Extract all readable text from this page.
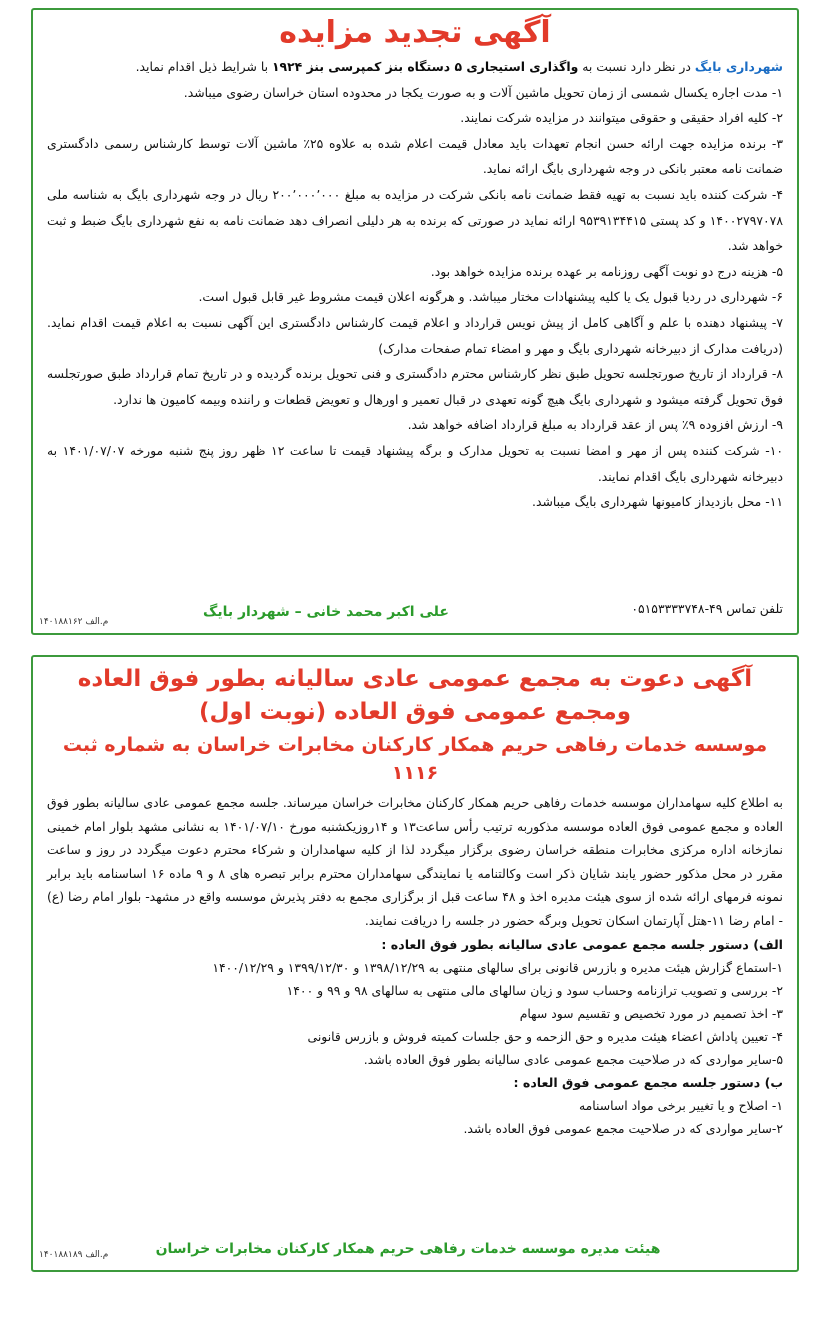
آگهی تجدید مزایده
شهرداری بایگ در نظر دارد نسبت به واگذاری استیجاری ۵ دستگاه بنز کمپرسی بنز ۱۹۲۴ با شرایط ذیل اقدام نماید.
۱- مدت اجاره یکسال شمسی از زمان تحویل ماشین آلات و به صورت یکجا در محدوده استان خراسان رضوی میباشد.
۲- کلیه افراد حقیقی و حقوقی میتوانند در مزایده شرکت نمایند.
۳- برنده مزایده جهت ارائه حسن انجام تعهدات باید معادل قیمت اعلام شده به علاوه ۲۵٪ ماشین آلات توسط کارشناس رسمی دادگستری ضمانت نامه معتبر بانکی در وجه شهرداری بایگ ارائه نماید.
۴- شرکت کننده باید نسبت به تهیه فقط ضمانت نامه بانکی شرکت در مزایده به مبلغ ۲۰۰٬۰۰۰٬۰۰۰ ریال در وجه شهرداری بایگ به شناسه ملی ۱۴۰۰۲۷۹۷۰۷۸ و کد پستی ۹۵۳۹۱۳۴۴۱۵ ارائه نماید در صورتی که برنده به هر دلیلی انصراف دهد ضمانت نامه به نفع شهرداری بایگ ضبط و ثبت خواهد شد.
۵- هزینه درج دو نوبت آگهی روزنامه بر عهده برنده مزایده خواهد بود.
۶- شهرداری در ردیا قبول یک یا کلیه پیشنهادات مختار میباشد. و هرگونه اعلان قیمت مشروط غیر قابل قبول است.
۷- پیشنهاد دهنده با علم و آگاهی کامل از پیش نویس قرارداد و اعلام قیمت کارشناس دادگستری این آگهی نسبت به اعلام قیمت اقدام نماید. (دریافت مدارک از دبیرخانه شهرداری بایگ و مهر و امضاء تمام صفحات مدارک)
۸- قرارداد از تاریخ صورتجلسه تحویل طبق نظر کارشناس محترم دادگستری و فنی تحویل برنده گردیده و در تاریخ تمام قرارداد طبق صورتجلسه فوق تحویل گرفته میشود و شهرداری بایگ هیچ گونه تعهدی در قبال تعمیر و اورهال و تعویض قطعات و راننده وبیمه کامیون ها ندارد.
۹- ارزش افزوده ۹٪ پس از عقد قرارداد به مبلغ قرارداد اضافه خواهد شد.
۱۰- شرکت کننده پس از مهر و امضا نسبت به تحویل مدارک و برگه پیشنهاد قیمت تا ساعت ۱۲ ظهر روز پنج شنبه مورخه ۱۴۰۱/۰۷/۰۷ به دبیرخانه شهرداری بایگ اقدام نمایند.
۱۱- محل بازدیداز کامیونها شهرداری بایگ میباشد.
تلفن تماس ۴۹-۰۵۱۵۳۳۳۳۷۴۸
علی اکبر محمد خانی – شهردار بایگ
۱۴۰۱۸۸۱۶۲ م.الف
آگهی دعوت به مجمع عمومی عادی سالیانه بطور فوق العاده
ومجمع عمومی فوق العاده (نوبت اول)
موسسه خدمات رفاهی حریم همکار کارکنان مخابرات خراسان به شماره ثبت ۱۱۱۶
به اطلاع کلیه سهامداران موسسه خدمات رفاهی حریم همکار کارکنان مخابرات خراسان میرساند. جلسه مجمع عمومی عادی سالیانه بطور فوق العاده و مجمع عمومی فوق العاده موسسه مذکوربه ترتیب رأس ساعت۱۳ و ۱۴روزیکشنبه مورخ ۱۴۰۱/۰۷/۱۰ به نشانی مشهد بلوار امام خمینی نمازخانه اداره مرکزی مخابرات منطقه خراسان رضوی برگزار میگردد لذا از کلیه سهامداران و شرکاء محترم دعوت میگردد در روز و ساعت مقرر در محل مذکور حضور یابند شایان ذکر است وکالتنامه یا نمایندگی سهامداران محترم برابر تبصره های ۸ و ۹ ماده ۱۶ اساسنامه باید برابر نمونه فرمهای ارائه شده از سوی هیئت مدیره اخذ و ۴۸ ساعت قبل از برگزاری مجمع به دفتر پذیرش موسسه واقع در مشهد- بلوار امام رضا (ع) - امام رضا ۱۱-هتل آپارتمان اسکان تحویل وبرگه حضور در جلسه را دریافت نمایند.
الف) دستور جلسه مجمع عمومی عادی سالیانه بطور فوق العاده :
۱-استماع گزارش هیئت مدیره و بازرس قانونی برای سالهای منتهی به ۱۳۹۸/۱۲/۲۹ و ۱۳۹۹/۱۲/۳۰ و ۱۴۰۰/۱۲/۲۹
۲- بررسی و تصویب ترازنامه وحساب سود و زیان سالهای مالی منتهی به سالهای ۹۸ و ۹۹ و ۱۴۰۰
۳- اخذ تصمیم در مورد تخصیص و تقسیم سود سهام
۴- تعیین پاداش اعضاء هیئت مدیره و حق الزحمه و حق جلسات کمیته فروش و بازرس قانونی
۵-سایر مواردی که در صلاحیت مجمع عمومی عادی سالیانه بطور فوق العاده باشد.
ب) دستور جلسه مجمع عمومی فوق العاده :
۱- اصلاح و یا تغییر برخی مواد اساسنامه
۲-سایر مواردی که در صلاحیت مجمع عمومی فوق العاده باشد.
هیئت مدیره موسسه خدمات رفاهی حریم همکار کارکنان مخابرات خراسان
۱۴۰۱۸۸۱۸۹ م.الف
